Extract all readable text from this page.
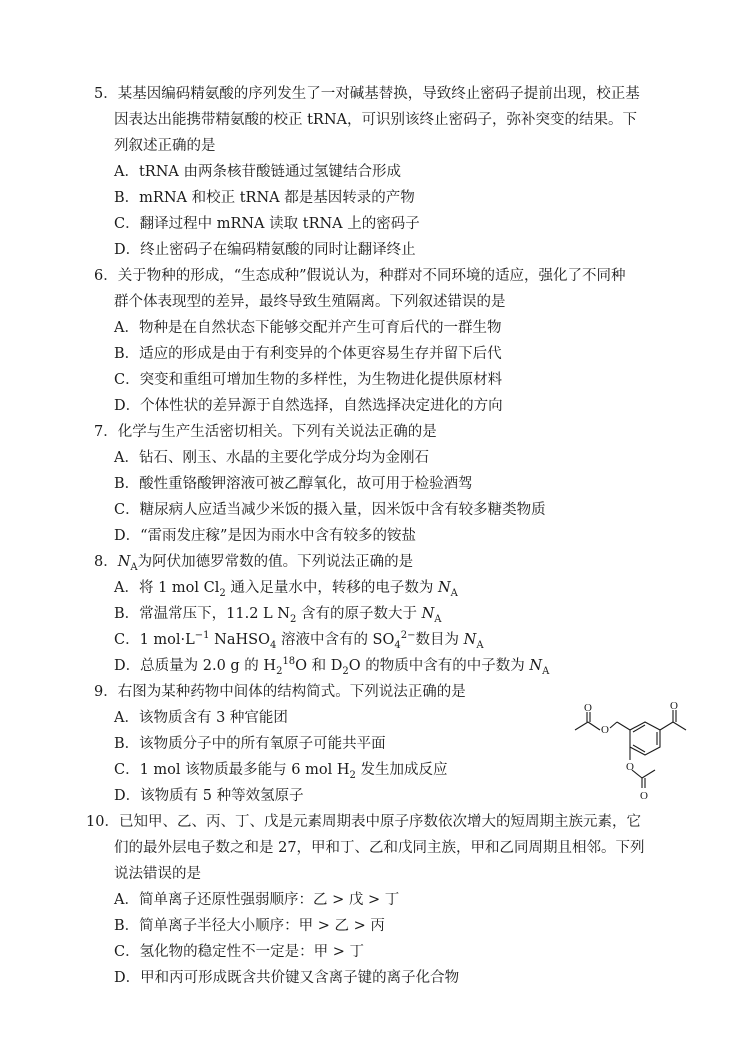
5．某基因编码精氨酸的序列发生了一对碱基替换，导致终止密码子提前出现，校正基
因表达出能携带精氨酸的校正 tRNA，可识别该终止密码子，弥补突变的结果。下
列叙述正确的是
A．tRNA 由两条核苷酸链通过氢键结合形成
B．mRNA 和校正 tRNA 都是基因转录的产物
C．翻译过程中 mRNA 读取 tRNA 上的密码子
D．终止密码子在编码精氨酸的同时让翻译终止
6．关于物种的形成，“生态成种”假说认为，种群对不同环境的适应，强化了不同种
群个体表现型的差异，最终导致生殖隔离。下列叙述错误的是
A．物种是在自然状态下能够交配并产生可育后代的一群生物
B．适应的形成是由于有利变异的个体更容易生存并留下后代
C．突变和重组可增加生物的多样性，为生物进化提供原材料
D．个体性状的差异源于自然选择，自然选择决定进化的方向
7．化学与生产生活密切相关。下列有关说法正确的是
A．钻石、刚玉、水晶的主要化学成分均为金刚石
B．酸性重铬酸钾溶液可被乙醇氧化，故可用于检验酒驾
C．糖尿病人应适当减少米饭的摄入量，因米饭中含有较多糖类物质
D．“雷雨发庄稼”是因为雨水中含有较多的铵盐
8．$N_A$为阿伏加德罗常数的值。下列说法正确的是
A．将 1 mol $Cl_2$ 通入足量水中，转移的电子数为 $N_A$
B．常温常压下，11.2 L $N_2$ 含有的原子数大于 $N_A$
C．1 $mol\cdot L^{-1}$ NaHSO$_4$ 溶液中含有的 $SO_4^{2-}$数目为 $N_A$
D．总质量为 2.0 g 的 $H_2^{18}O$ 和 $D_2O$ 的物质中含有的中子数为 $N_A$
9．右图为某种药物中间体的结构简式。下列说法正确的是
A．该物质含有 3 种官能团
B．该物质分子中的所有氧原子可能共平面
C．1 mol 该物质最多能与 6 mol $H_2$ 发生加成反应
D．该物质有 5 种等效氢原子
O
O
O
O
O
10．已知甲、乙、丙、丁、戊是元素周期表中原子序数依次增大的短周期主族元素，它
们的最外层电子数之和是 27，甲和丁、乙和戊同主族，甲和乙同周期且相邻。下列
说法错误的是
A．简单离子还原性强弱顺序：乙 > 戊 > 丁
B．简单离子半径大小顺序：甲 > 乙 > 丙
C．氢化物的稳定性不一定是：甲 > 丁
D．甲和丙可形成既含共价键又含离子键的离子化合物
